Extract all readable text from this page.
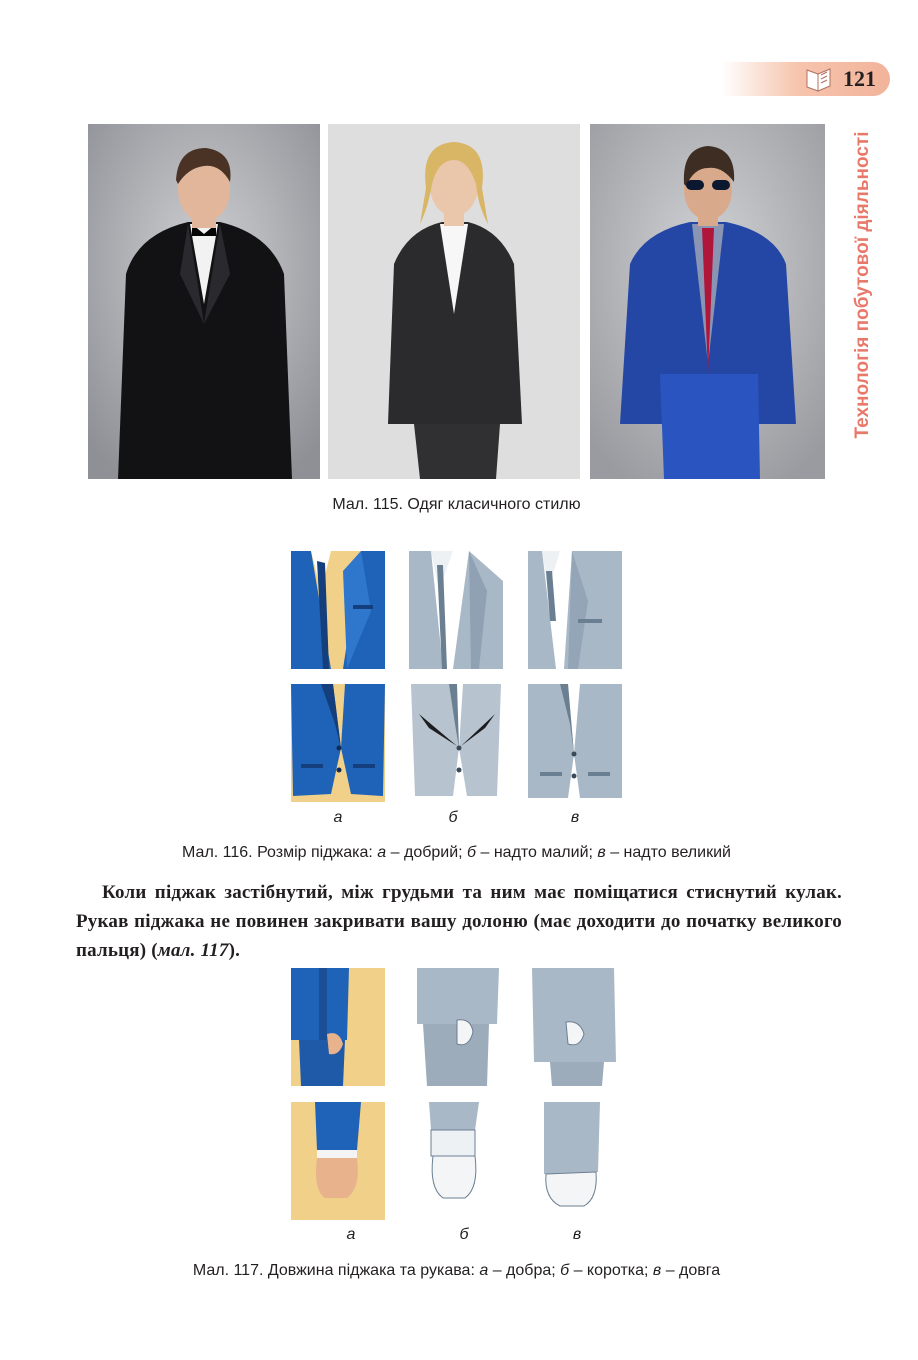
121
Технологія побутової діяльності
Мал. 115. Одяг класичного стилю
а	б	в
Мал. 116. Розмір піджака: а – добрий; б – надто малий; в – надто великий
Коли піджак застібнутий, між грудьми та ним має поміщатися стиснутий кулак. Рукав піджака не повинен закривати вашу долоню (має доходити до початку великого пальця) (мал. 117).
а	б	в
Мал. 117. Довжина піджака та рукава: а – добра; б – коротка; в – довга
